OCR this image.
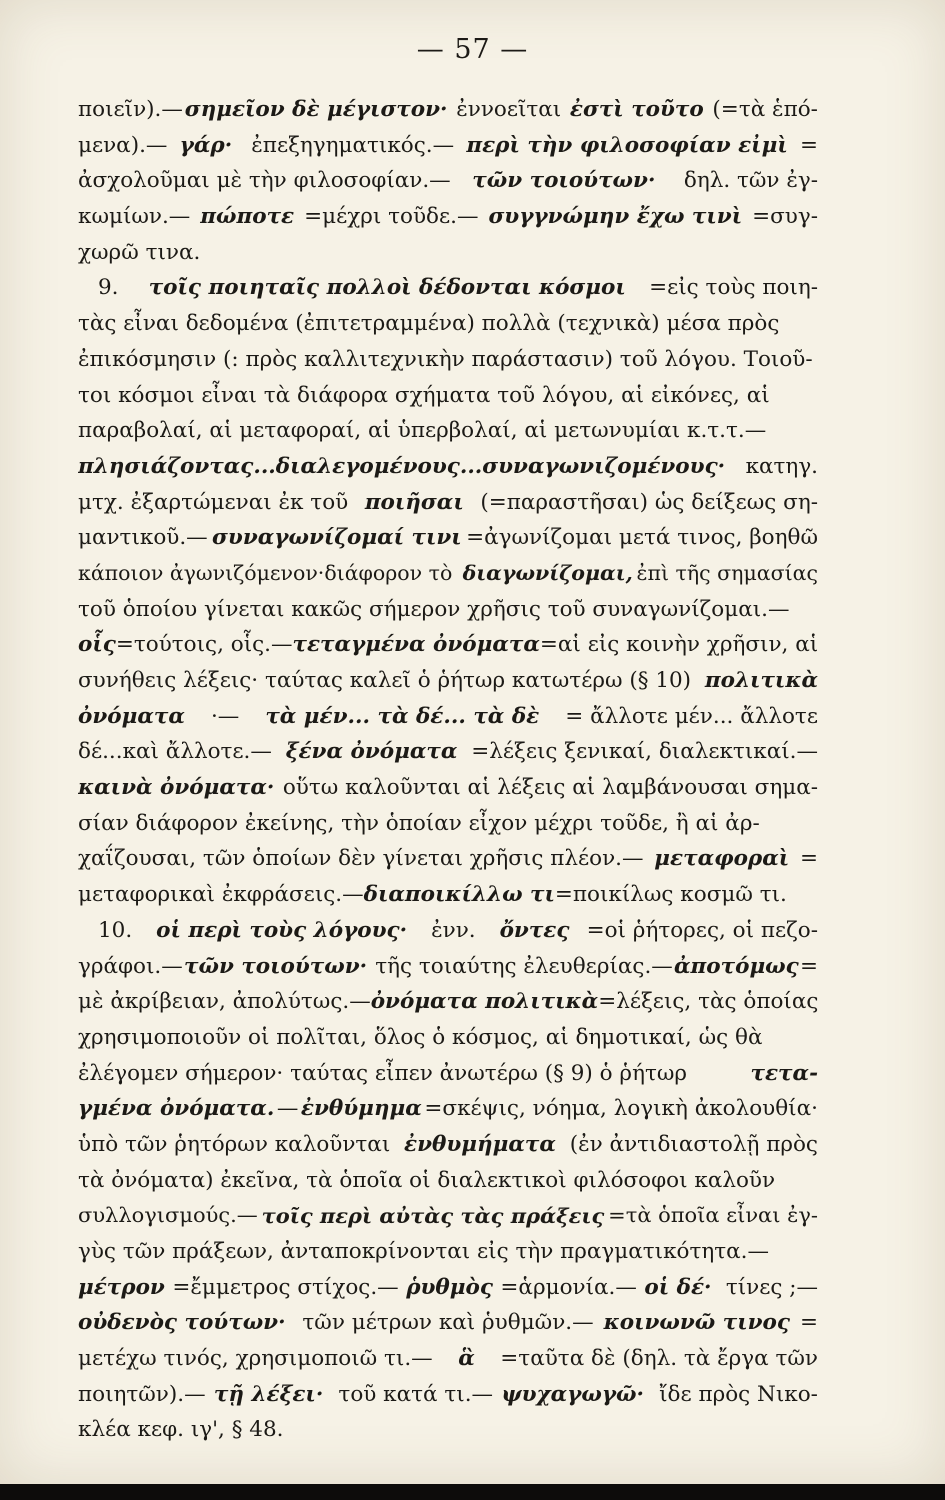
— 57 —
ποιεῖν).— σημεῖον δὲ μέγιστον· ἐννοεῖται ἐστὶ τοῦτο (=τὰ ἑπό-
μενα).— γάρ· ἐπεξηγηματικός.— περὶ τὴν φιλοσοφίαν εἰμὶ =
ἀσχολοῦμαι μὲ τὴν φιλοσοφίαν.— τῶν τοιούτων· δηλ. τῶν ἐγ-
κωμίων.— πώποτε =μέχρι τοῦδε.— συγγνώμην ἔχω τινὶ =συγ-
χωρῶ τινα.
9. τοῖς ποιηταῖς πολλοὶ δέδονται κόσμοι =εἰς τοὺς ποιη-
τὰς εἶναι δεδομένα (ἐπιτετραμμένα) πολλὰ (τεχνικὰ) μέσα πρὸς
ἐπικόσμησιν (: πρὸς καλλιτεχνικὴν παράστασιν) τοῦ λόγου. Τοιοῦ-
τοι κόσμοι εἶναι τὰ διάφορα σχήματα τοῦ λόγου, αἱ εἰκόνες, αἱ
παραβολαί, αἱ μεταφοραί, αἱ ὑπερβολαί, αἱ μετωνυμίαι κ.τ.τ.—
πλησιάζοντας...διαλεγομένους...συναγωνιζομένους· κατηγ.
μτχ. ἐξαρτώμεναι ἐκ τοῦ ποιῆσαι (=παραστῆσαι) ὡς δείξεως ση-
μαντικοῦ.— συναγωνίζομαί τινι =ἀγωνίζομαι μετά τινος, βοηθῶ
κάποιον ἀγωνιζόμενον·διάφορον τὸ διαγωνίζομαι, ἐπὶ τῆς σημασίας
τοῦ ὁποίου γίνεται κακῶς σήμερον χρῆσις τοῦ συναγωνίζομαι.—
οἷς =τούτοις, οἷς.— τεταγμένα ὀνόματα =αἱ εἰς κοινὴν χρῆσιν, αἱ
συνήθεις λέξεις· ταύτας καλεῖ ὁ ῥήτωρ κατωτέρω (§ 10) πολιτικὰ
ὀνόματα ·— τὰ μέν... τὰ δέ... τὰ δὲ = ἄλλοτε μέν... ἄλλοτε
δέ...καὶ ἄλλοτε.— ξένα ὀνόματα =λέξεις ξενικαί, διαλεκτικαί.—
καινὰ ὀνόματα· οὕτω καλοῦνται αἱ λέξεις αἱ λαμβάνουσαι σημα-
σίαν διάφορον ἐκείνης, τὴν ὁποίαν εἶχον μέχρι τοῦδε, ἢ αἱ ἀρ-
χαΐζουσαι, τῶν ὁποίων δὲν γίνεται χρῆσις πλέον.— μεταφοραὶ =
μεταφορικαὶ ἐκφράσεις.— διαποικίλλω τι =ποικίλως κοσμῶ τι.
10. οἱ περὶ τοὺς λόγους· ἐνν. ὄντες =οἱ ῥήτορες, οἱ πεζο-
γράφοι.— τῶν τοιούτων· τῆς τοιαύτης ἐλευθερίας.— ἀποτόμως =
μὲ ἀκρίβειαν, ἀπολύτως.— ὀνόματα πολιτικὰ =λέξεις, τὰς ὁποίας
χρησιμοποιοῦν οἱ πολῖται, ὅλος ὁ κόσμος, αἱ δημοτικαί, ὡς θὰ
ἐλέγομεν σήμερον· ταύτας εἶπεν ἀνωτέρω (§ 9) ὁ ῥήτωρ	τετα-
γμένα ὀνόματα. — ἐνθύμημα =σκέψις, νόημα, λογικὴ ἀκολουθία·
ὑπὸ τῶν ῥητόρων καλοῦνται ἐνθυμήματα (ἐν ἀντιδιαστολῇ πρὸς
τὰ ὀνόματα) ἐκεῖνα, τὰ ὁποῖα οἱ διαλεκτικοὶ φιλόσοφοι καλοῦν
συλλογισμούς.— τοῖς περὶ αὐτὰς τὰς πράξεις =τὰ ὁποῖα εἶναι ἐγ-
γὺς τῶν πράξεων, ἀνταποκρίνονται εἰς τὴν πραγματικότητα.—
μέτρον =ἔμμετρος στίχος.— ῥυθμὸς =ἁρμονία.— οἱ δέ· τίνες ;—
οὐδενὸς τούτων· τῶν μέτρων καὶ ῥυθμῶν.— κοινωνῶ τινος =
μετέχω τινός, χρησιμοποιῶ τι.— ἃ =ταῦτα δὲ (δηλ. τὰ ἔργα τῶν
ποιητῶν).— τῇ λέξει· τοῦ κατά τι.— ψυχαγωγῶ· ἴδε πρὸς Νικο-
κλέα κεφ. ιγ', § 48.
